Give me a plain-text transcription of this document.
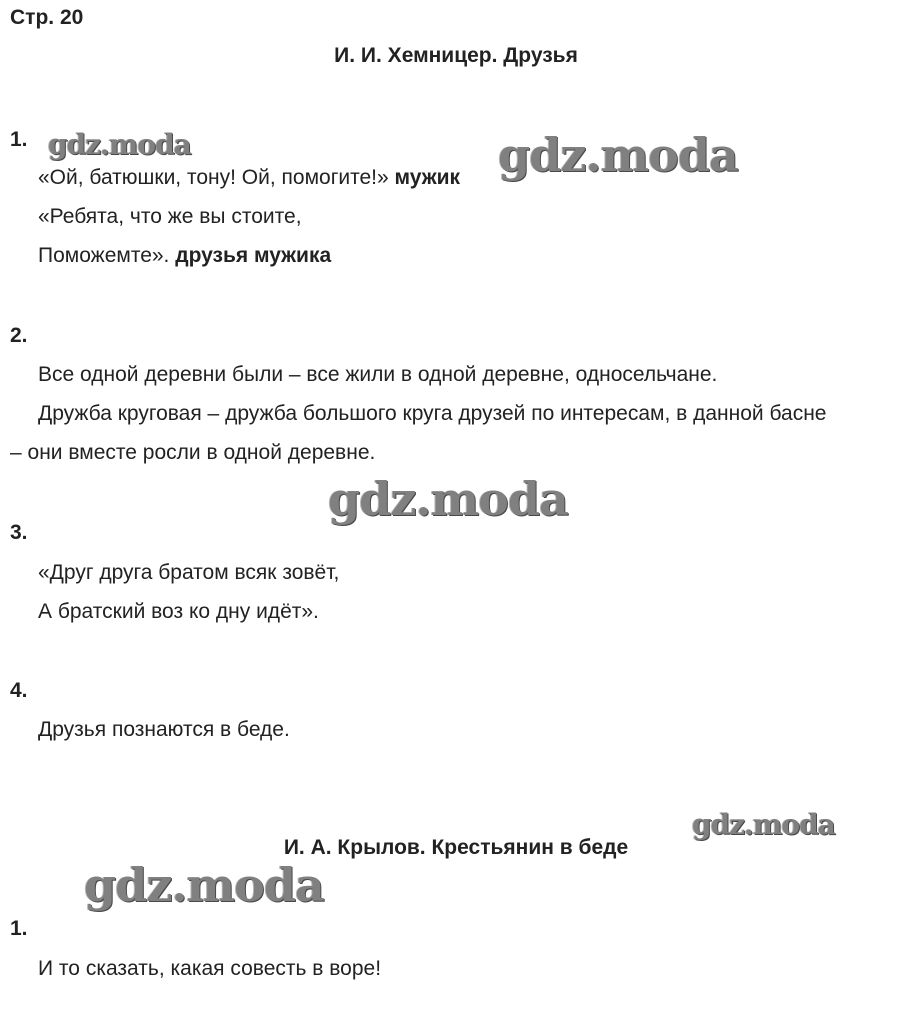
Стр. 20
И. И. Хемницер. Друзья
1.
«Ой, батюшки, тону! Ой, помогите!» мужик
«Ребята, что же вы стоите,
Поможемте». друзья мужика
2.
Все одной деревни были – все жили в одной деревне, односельчане.
Дружба круговая – дружба большого круга друзей по интересам, в данной басне
– они вместе росли в одной деревне.
3.
«Друг друга братом всяк зовёт,
А братский воз ко дну идёт».
4.
Друзья познаются в беде.
И. А. Крылов. Крестьянин в беде
1.
И то сказать, какая совесть в воре!
gdz.moda	gdz.moda
gdz.moda
gdz.moda
gdz.moda
